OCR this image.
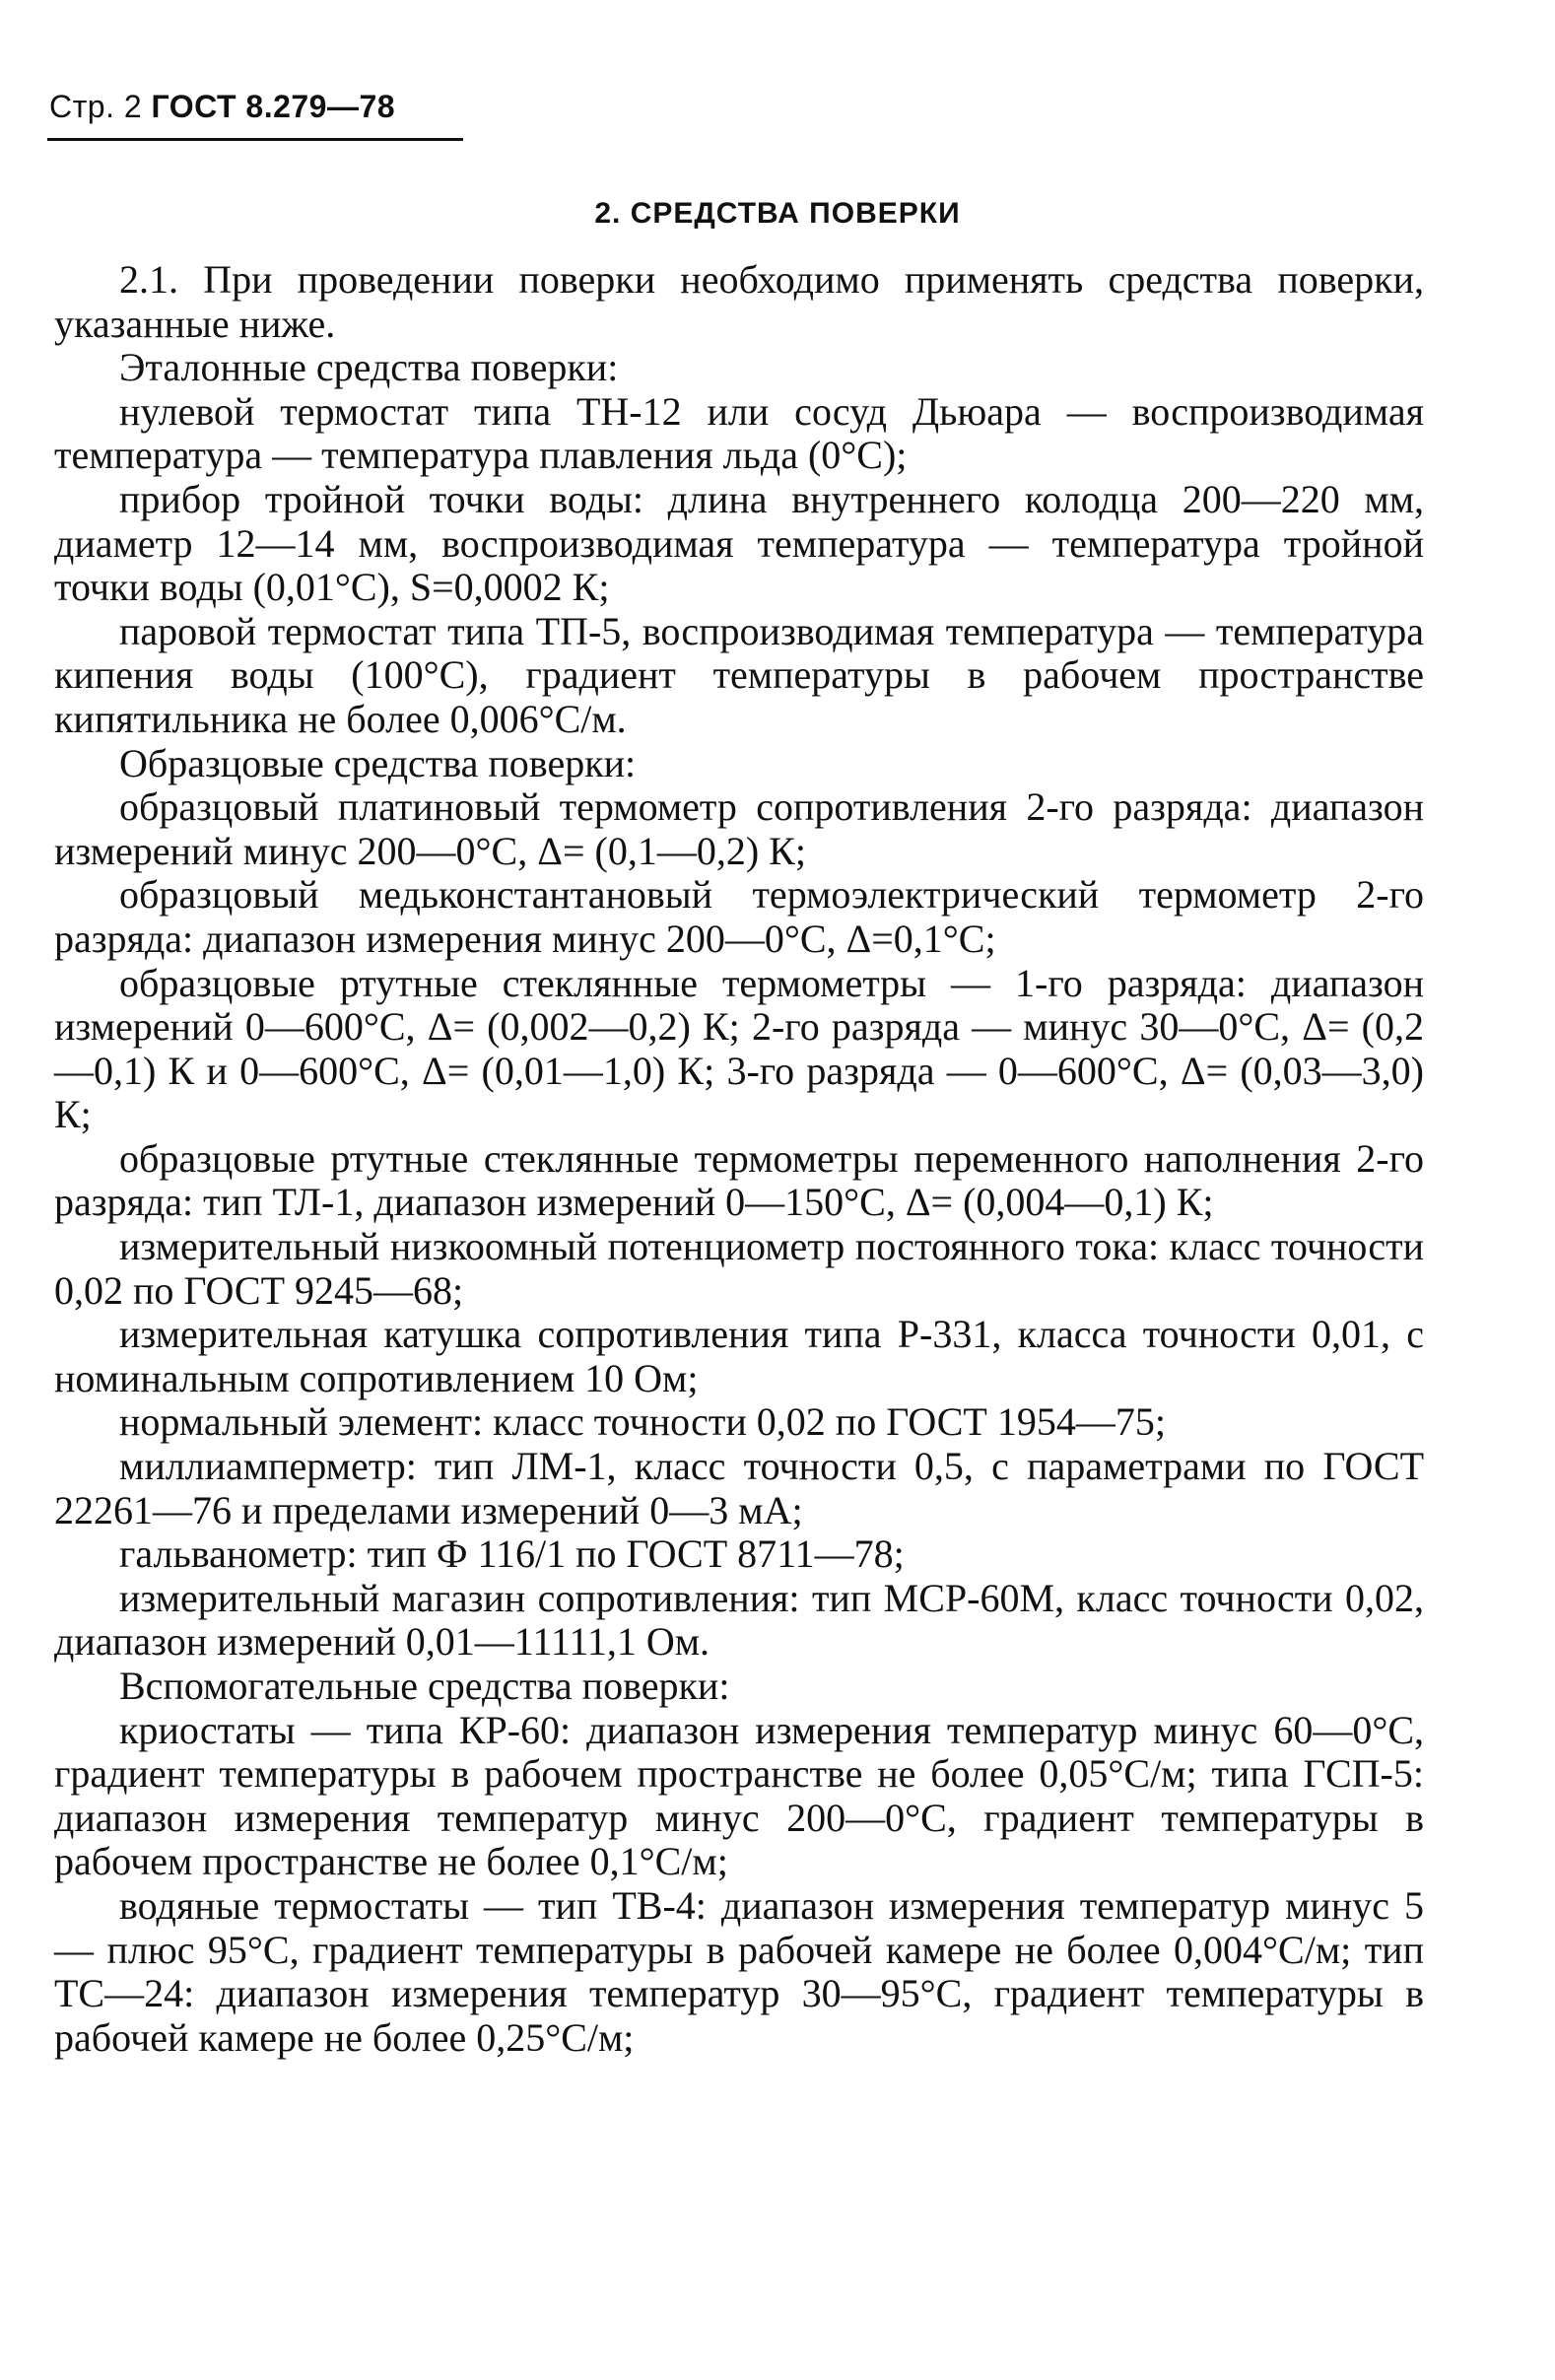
Стр. 2 ГОСТ 8.279—78
2. СРЕДСТВА ПОВЕРКИ

2.1. При проведении поверки необходимо применять средства поверки, указанные ниже.

Эталонные средства поверки:

нулевой термостат типа ТН-12 или сосуд Дьюара — воспроизводимая температура — температура плавления льда (0°С);

прибор тройной точки воды: длина внутреннего колодца 200—220 мм, диаметр 12—14 мм, воспроизводимая температура — температура тройной точки воды (0,01°С), S=0,0002 К;

паровой термостат типа ТП-5, воспроизводимая температура — температура кипения воды (100°С), градиент температуры в рабочем пространстве кипятильника не более 0,006°С/м.

Образцовые средства поверки:

образцовый платиновый термометр сопротивления 2-го разряда: диапазон измерений минус 200—0°С, Δ= (0,1—0,2) К;

образцовый медьконстантановый термоэлектрический термометр 2-го разряда: диапазон измерения минус 200—0°С, Δ=0,1°С;

образцовые ртутные стеклянные термометры — 1-го разряда: диапазон измерений 0—600°С, Δ= (0,002—0,2) К; 2-го разряда — минус 30—0°С, Δ= (0,2—0,1) К и 0—600°С, Δ= (0,01—1,0) К; 3-го разряда — 0—600°С, Δ= (0,03—3,0) К;

образцовые ртутные стеклянные термометры переменного наполнения 2-го разряда: тип ТЛ-1, диапазон измерений 0—150°С, Δ= (0,004—0,1) К;

измерительный низкоомный потенциометр постоянного тока: класс точности 0,02 по ГОСТ 9245—68;

измерительная катушка сопротивления типа Р-331, класса точности 0,01, с номинальным сопротивлением 10 Ом;

нормальный элемент: класс точности 0,02 по ГОСТ 1954—75;

миллиамперметр: тип ЛМ-1, класс точности 0,5, с параметрами по ГОСТ 22261—76 и пределами измерений 0—3 мА;

гальванометр: тип Ф 116/1 по ГОСТ 8711—78;

измерительный магазин сопротивления: тип МСР-60М, класс точности 0,02, диапазон измерений 0,01—11111,1 Ом.

Вспомогательные средства поверки:

криостаты — типа КР-60: диапазон измерения температур минус 60—0°С, градиент температуры в рабочем пространстве не более 0,05°С/м; типа ГСП-5: диапазон измерения температур минус 200—0°С, градиент температуры в рабочем пространстве не более 0,1°С/м;

водяные термостаты — тип ТВ-4: диапазон измерения температур минус 5 — плюс 95°С, градиент температуры в рабочей камере не более 0,004°С/м; тип ТС—24: диапазон измерения температур 30—95°С, градиент температуры в рабочей камере не более 0,25°С/м;
